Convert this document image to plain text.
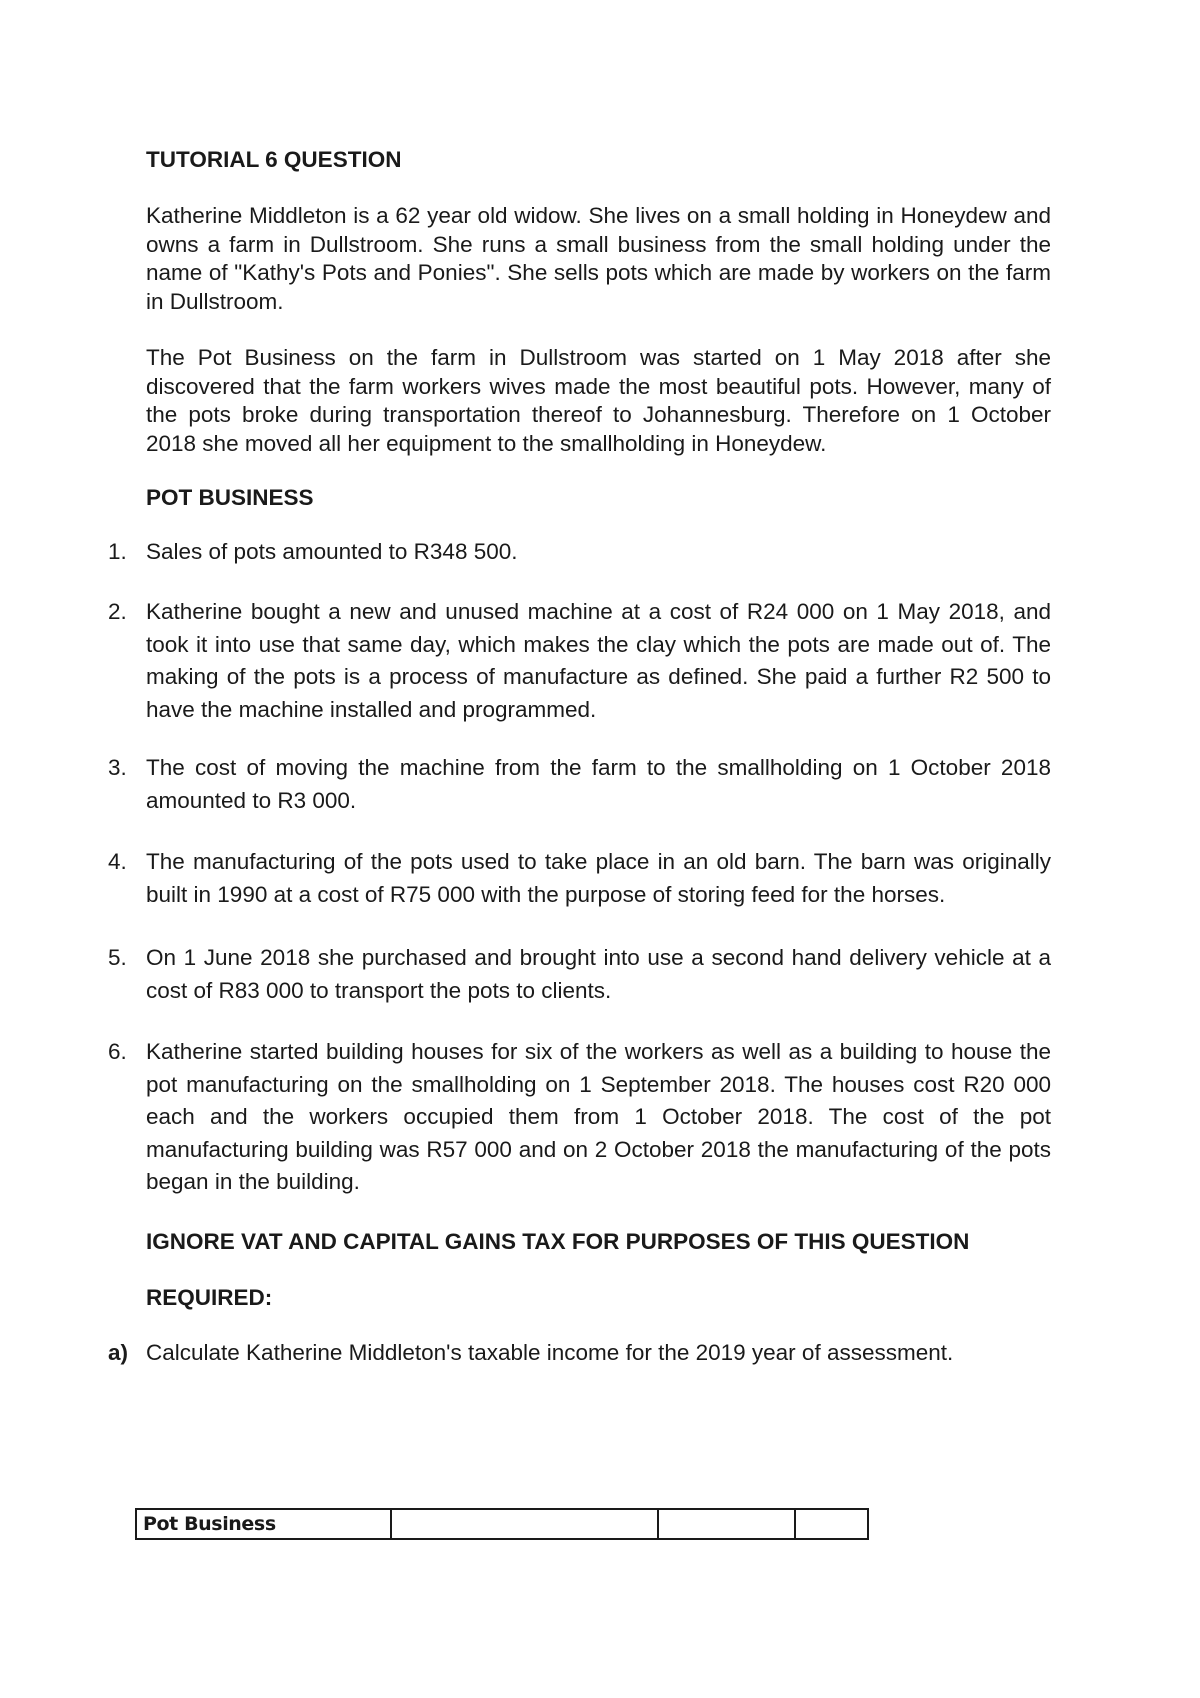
TUTORIAL 6 QUESTION

Katherine Middleton is a 62 year old widow. She lives on a small holding in Honeydew and owns a farm in Dullstroom. She runs a small business from the small holding under the name of "Kathy's Pots and Ponies". She sells pots which are made by workers on the farm in Dullstroom.

The Pot Business on the farm in Dullstroom was started on 1 May 2018 after she discovered that the farm workers wives made the most beautiful pots. However, many of the pots broke during transportation thereof to Johannesburg. Therefore on 1 October 2018 she moved all her equipment to the smallholding in Honeydew.

POT BUSINESS
1. Sales of pots amounted to R348 500.
2. Katherine bought a new and unused machine at a cost of R24 000 on 1 May 2018, and took it into use that same day, which makes the clay which the pots are made out of. The making of the pots is a process of manufacture as defined. She paid a further R2 500 to have the machine installed and programmed.
3. The cost of moving the machine from the farm to the smallholding on 1 October 2018 amounted to R3 000.
4. The manufacturing of the pots used to take place in an old barn. The barn was originally built in 1990 at a cost of R75 000 with the purpose of storing feed for the horses.
5. On 1 June 2018 she purchased and brought into use a second hand delivery vehicle at a cost of R83 000 to transport the pots to clients.
6. Katherine started building houses for six of the workers as well as a building to house the pot manufacturing on the smallholding on 1 September 2018. The houses cost R20 000 each and the workers occupied them from 1 October 2018. The cost of the pot manufacturing building was R57 000 and on 2 October 2018 the manufacturing of the pots began in the building.
IGNORE VAT AND CAPITAL GAINS TAX FOR PURPOSES OF THIS QUESTION
REQUIRED:
a) Calculate Katherine Middleton's taxable income for the 2019 year of assessment.
Pot Business			
